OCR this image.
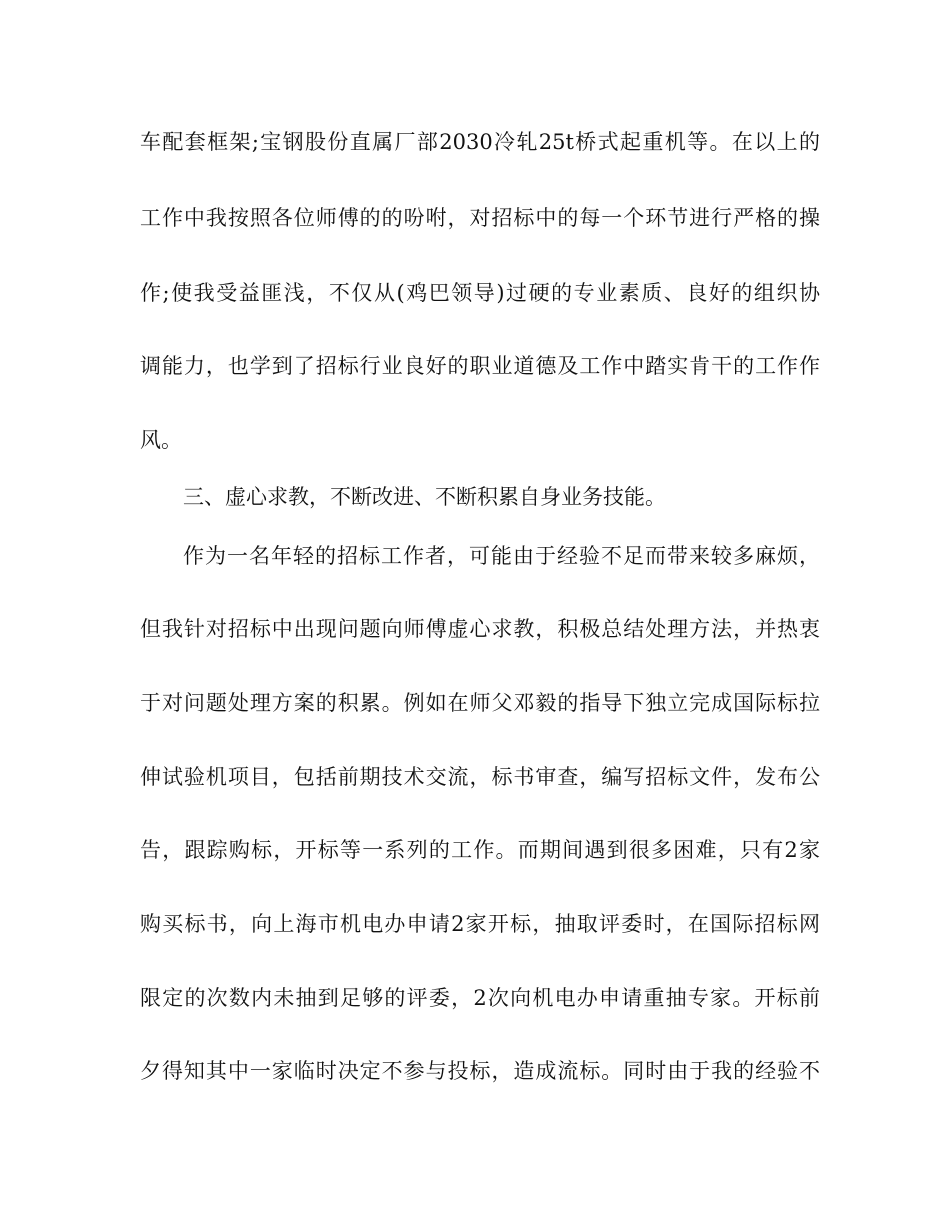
车配套框架;宝钢股份直属厂部2030冷轧25t桥式起重机等。在以上的
工作中我按照各位师傅的的吩咐，对招标中的每一个环节进行严格的操
作;使我受益匪浅，不仅从(鸡巴领导)过硬的专业素质、良好的组织协
调能力，也学到了招标行业良好的职业道德及工作中踏实肯干的工作作
风。
三、虚心求教，不断改进、不断积累自身业务技能。
作为一名年轻的招标工作者，可能由于经验不足而带来较多麻烦，
但我针对招标中出现问题向师傅虚心求教，积极总结处理方法，并热衷
于对问题处理方案的积累。例如在师父邓毅的指导下独立完成国际标拉
伸试验机项目，包括前期技术交流，标书审查，编写招标文件，发布公
告，跟踪购标，开标等一系列的工作。而期间遇到很多困难，只有2家
购买标书，向上海市机电办申请2家开标，抽取评委时，在国际招标网
限定的次数内未抽到足够的评委，2次向机电办申请重抽专家。开标前
夕得知其中一家临时决定不参与投标，造成流标。同时由于我的经验不
